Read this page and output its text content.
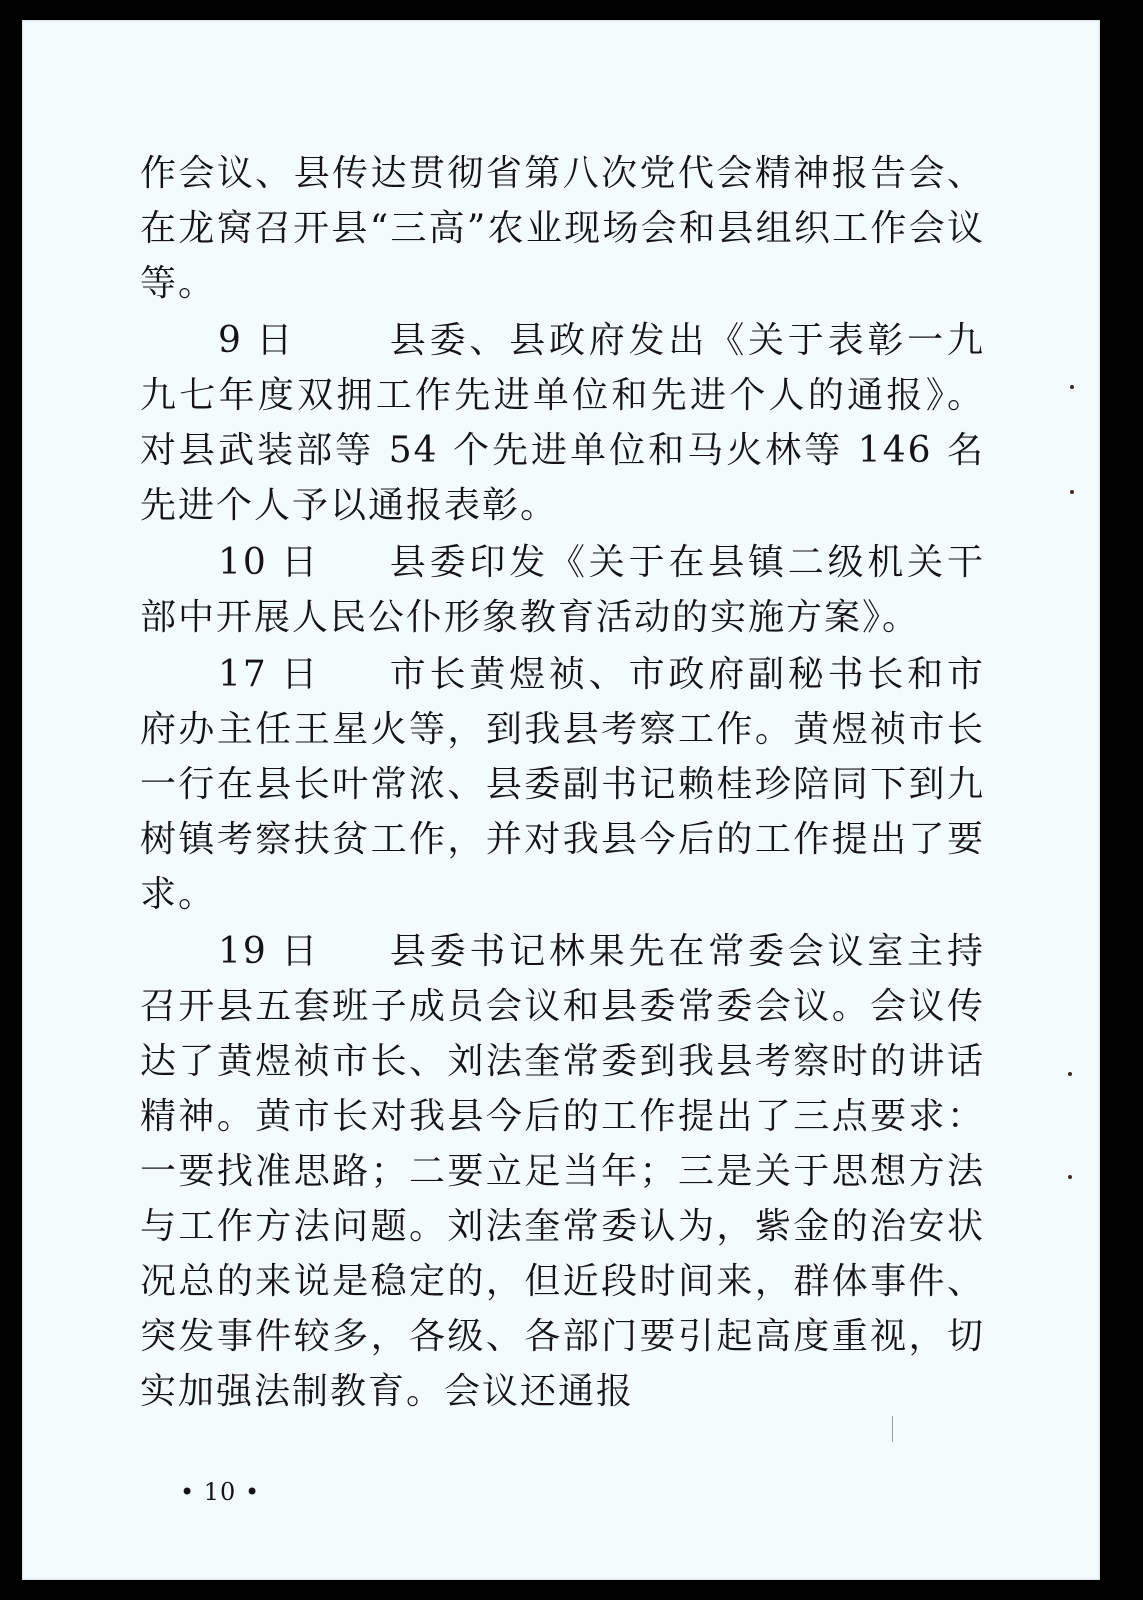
作会议、县传达贯彻省第八次党代会精神报告会、在龙窝召开县“三高”农业现场会和县组织工作会议等。

9 日	县委、县政府发出《关于表彰一九九七年度双拥工作先进单位和先进个人的通报》。对县武装部等 54 个先进单位和马火林等 146 名先进个人予以通报表彰。

10 日 县委印发《关于在县镇二级机关干部中开展人民公仆形象教育活动的实施方案》。

17 日 市长黄煜祯、市政府副秘书长和市府办主任王星火等，到我县考察工作。黄煜祯市长一行在县长叶常浓、县委副书记赖桂珍陪同下到九树镇考察扶贫工作，并对我县今后的工作提出了要求。

19 日 县委书记林果先在常委会议室主持召开县五套班子成员会议和县委常委会议。会议传达了黄煜祯市长、刘法奎常委到我县考察时的讲话精神。黄市长对我县今后的工作提出了三点要求：一要找准思路；二要立足当年；三是关于思想方法与工作方法问题。刘法奎常委认为，紫金的治安状况总的来说是稳定的，但近段时间来，群体事件、突发事件较多，各级、各部门要引起高度重视，切实加强法制教育。会议还通报

• 10 •
